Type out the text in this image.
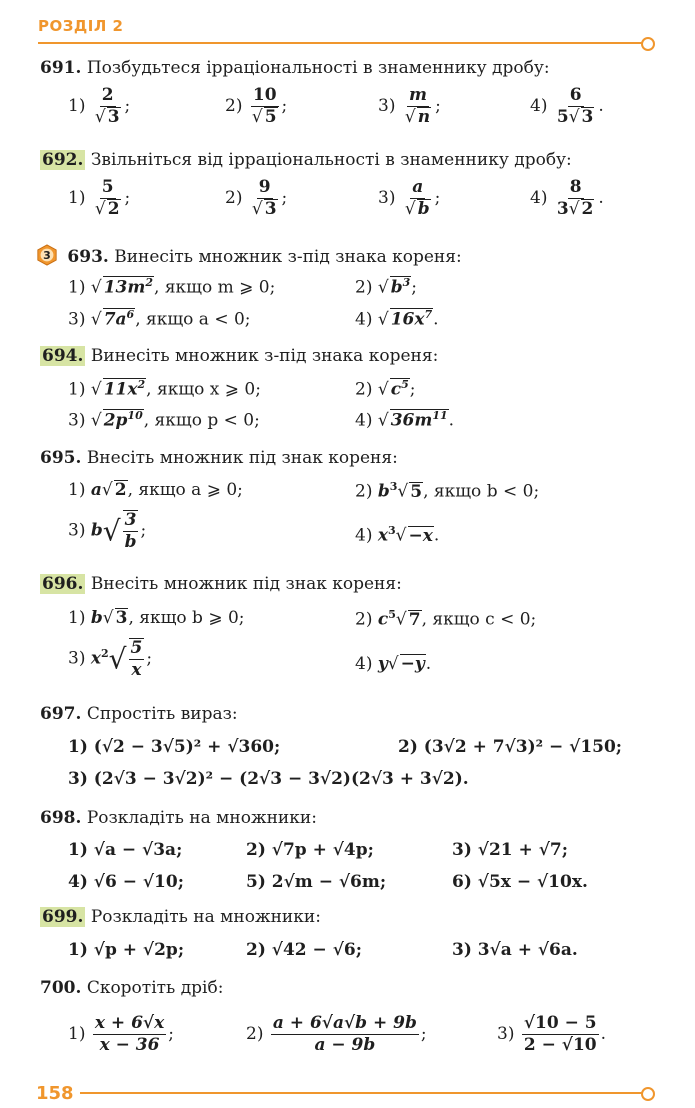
РОЗДІЛ 2
691. Позбудьтеся ірраціональності в знаменнику дробу:
$1) \frac{2}{√ 3}$ ;	$2) \frac{10}{√ 5}$ ;	$3) \frac{m}{√ n}$ ;	$4) \frac{6}{5√ 3}$ .
692. Звільніться від ірраціональності в знаменнику дробу:
$1) \frac{5}{√ 2}$ ;	$2) \frac{9}{√ 3}$ ;	$3) \frac{a}{√ b}$ ;	$4) \frac{8}{3√ 2}$ .
3 693. Винесіть множник з-під знака кореня:
1) √ $13m^2$, якщо m ⩾ 0;	2) √ $b^3$;
3) √ $7a^6$, якщо a < 0;	4) √ $16x^7$.
694. Винесіть множник з-під знака кореня:
1) √ $11x^2$, якщо x ⩾ 0;	2) √ $c^5$;
3) √ $2p^{10}$, якщо p < 0;	4) √ $36m^{11}$.
695. Внесіть множник під знак кореня:
1) a√ 2, якщо a ⩾ 0;	2) $b^3√$ 5, якщо b < 0;
3) $b√ \frac{3}{b}$ ;	4) $x^3√ -x$.
696. Внесіть множник під знак кореня:
1) b√ 3, якщо b ⩾ 0;	2) $c^5√$ 7, якщо c < 0;
3) $x^2√ \frac{5}{x}$ ;	4) y√ −y.
697. Спростіть вираз:
1) (√2 − 3√5)² + √360;	2) (3√2 + 7√3)² − √150;
3) (2√3 − 3√2)² − (2√3 − 3√2)(2√3 + 3√2).
698. Розкладіть на множники:
1) √a − √3a;	2) √7p + √4p;	3) √21 + √7;
4) √6 − √10;	5) 2√m − √6m;	6) √5x − √10x.
699. Розкладіть на множники:
1) √p + √2p;	2) √42 − √6;	3) 3√a + √6a.
700. Скоротіть дріб:
$1) \frac{x + 6√x}{x - 36}$ ;	$2) \frac{a + 6√a√b + 9b}{a - 9b}$ ;	$3) \frac{√10 - 5}{2 - √10}$ .
158
